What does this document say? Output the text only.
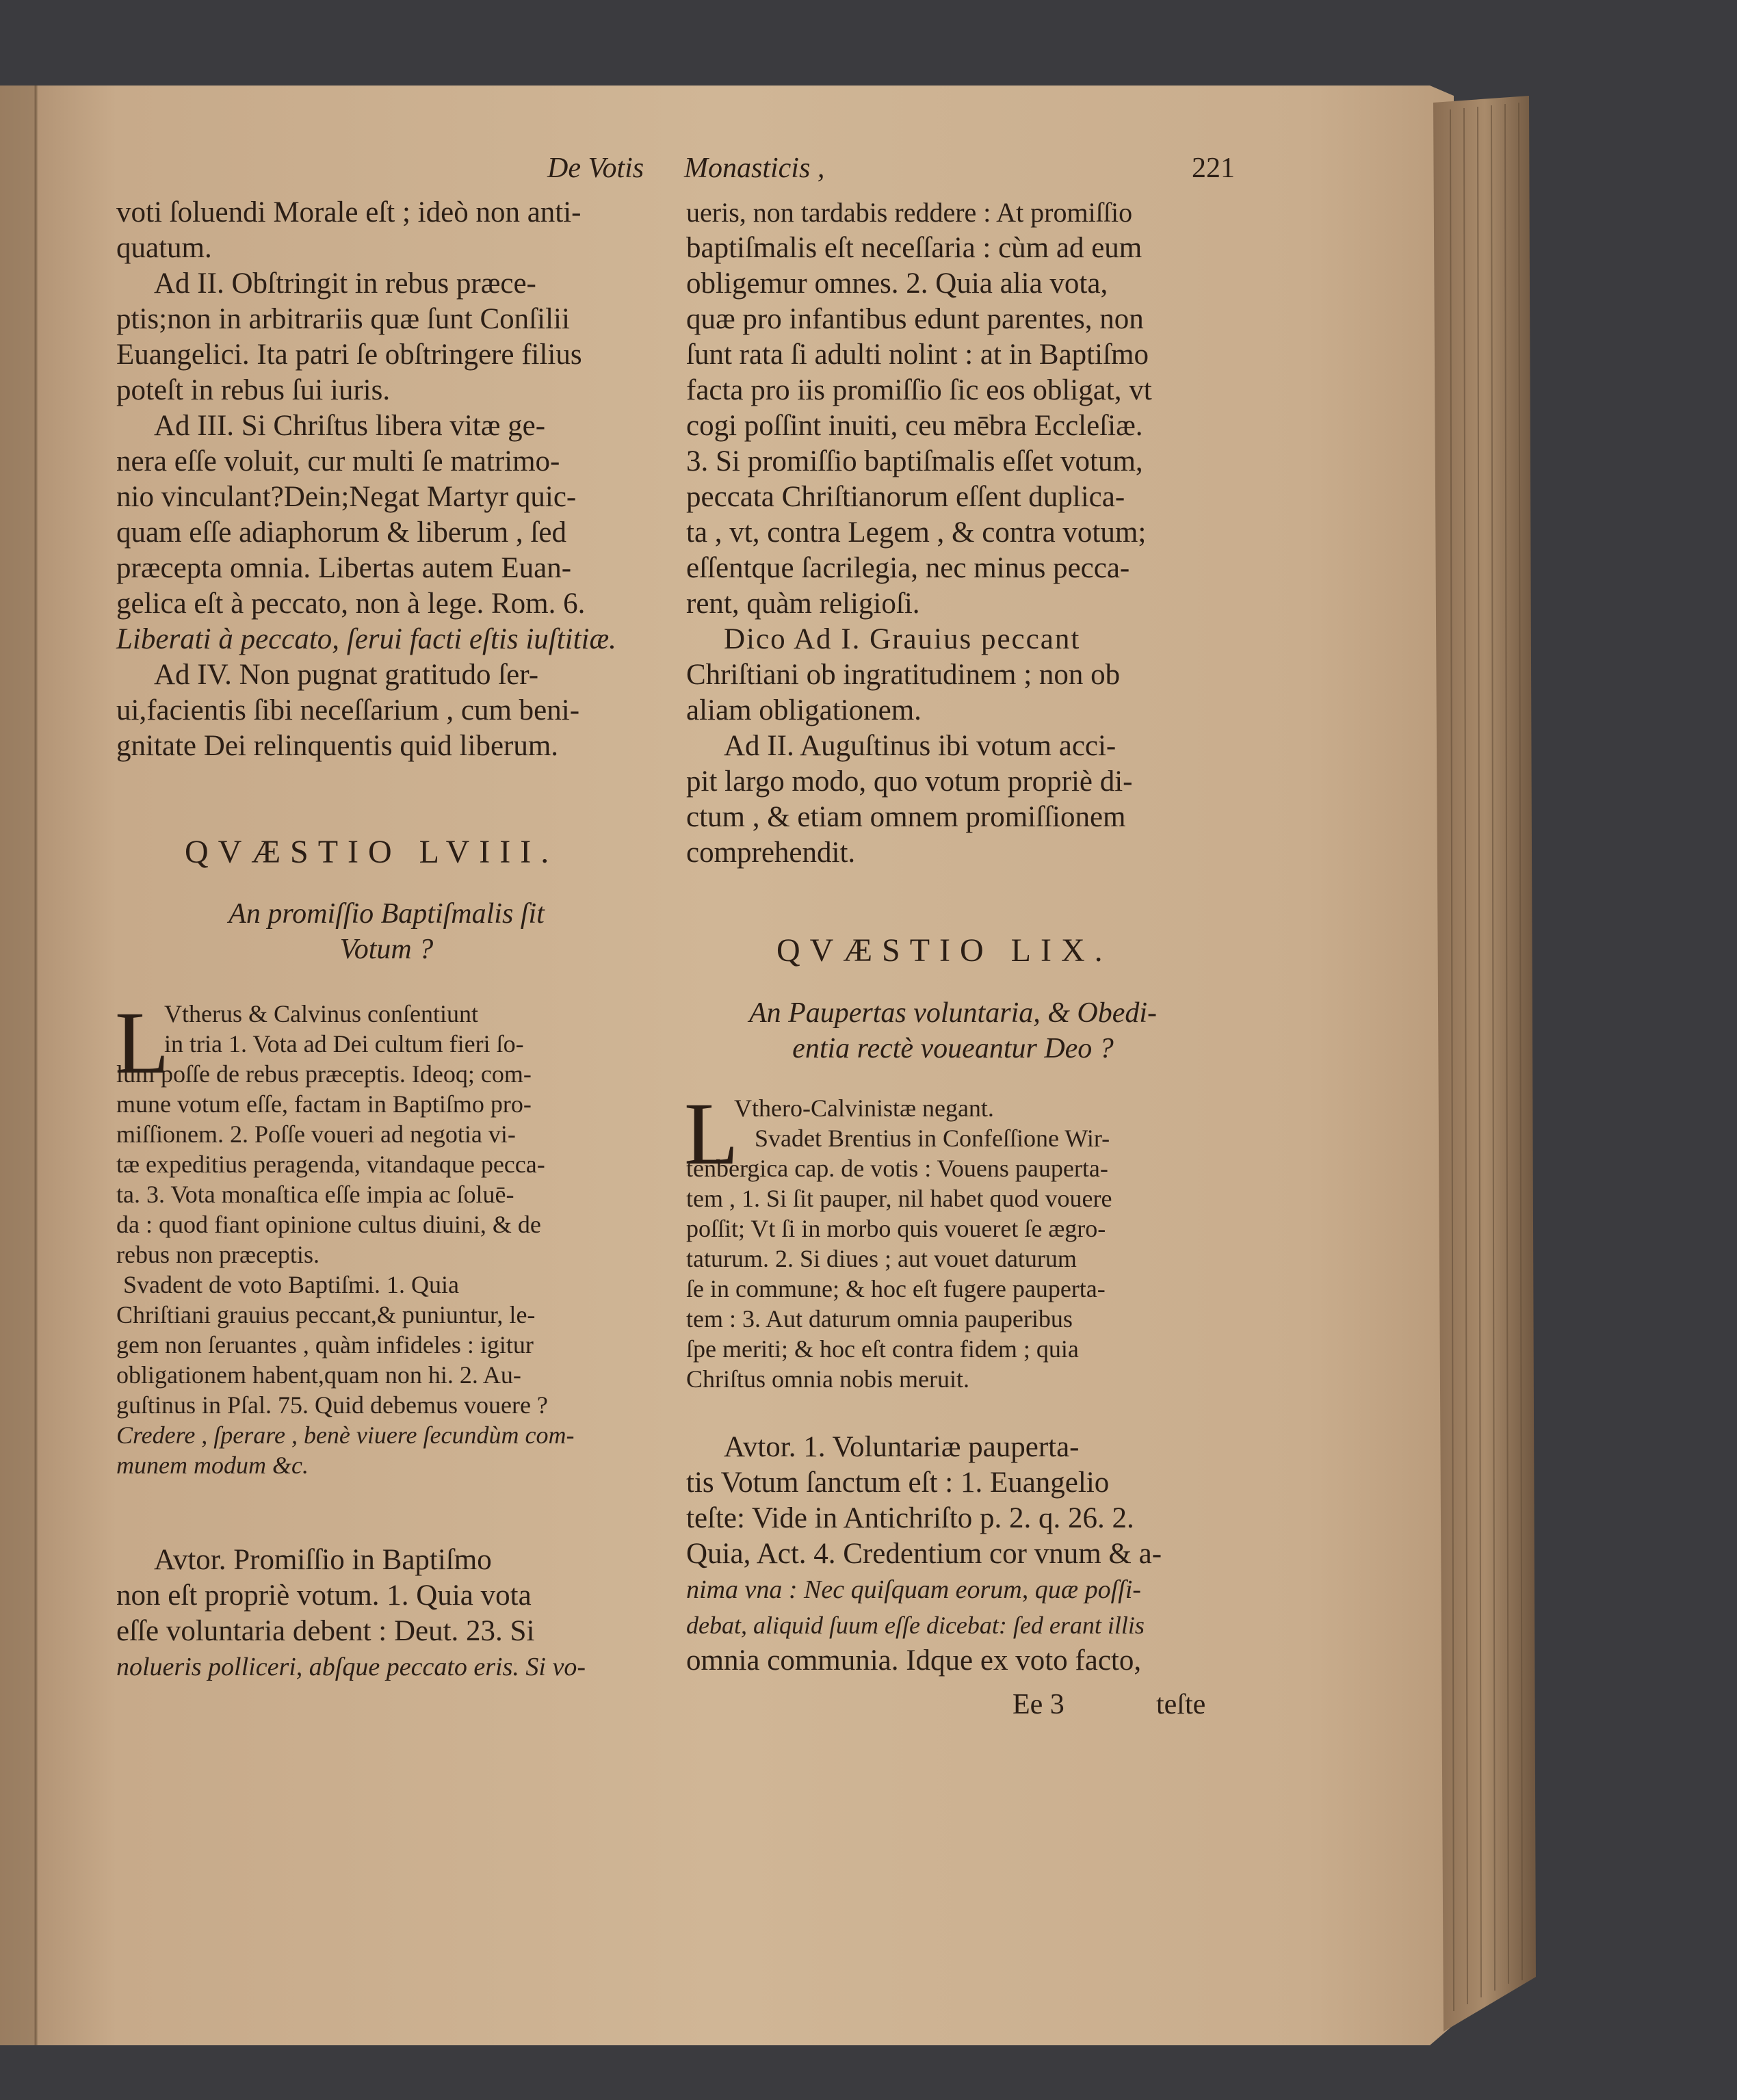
De Votis Monasticis ,	221

voti ſoluendi Morale eſt ; ideò non anti-

quatum.

Ad II. Obſtringit in rebus præce-

ptis;non in arbitrariis quæ ſunt Conſilii

Euangelici. Ita patri ſe obſtringere filius

poteſt in rebus ſui iuris.

Ad III. Si Chriſtus libera vitæ ge-

nera eſſe voluit, cur multi ſe matrimo-

nio vinculant?Dein;Negat Martyr quic-

quam eſſe adiaphorum & liberum , ſed

præcepta omnia. Libertas autem Euan-

gelica eſt à peccato, non à lege. Rom. 6.

Liberati à peccato, ſerui facti eſtis iuſtitiæ.

Ad IV. Non pugnat gratitudo ſer-

ui,facientis ſibi neceſſarium , cum beni-

gnitate Dei relinquentis quid liberum.

QVÆSTIO LVIII.

An promiſſio Baptiſmalis ſit

Votum ?

L

Vtherus & Calvinus conſentiunt

in tria 1. Vota ad Dei cultum fieri ſo-

lùm poſſe de rebus præceptis. Ideoq; com-

mune votum eſſe, factam in Baptiſmo pro-

miſſionem. 2. Poſſe voueri ad negotia vi-

tæ expeditius peragenda, vitandaque pecca-

ta. 3. Vota monaſtica eſſe impia ac ſoluē-

da : quod fiant opinione cultus diuini, & de

rebus non præceptis.

Svadent de voto Baptiſmi. 1. Quia

Chriſtiani grauius peccant,& puniuntur, le-

gem non ſeruantes , quàm infideles : igitur

obligationem habent,quam non hi. 2. Au-

guſtinus in Pſal. 75. Quid debemus vouere ?

Credere , ſperare , benè viuere ſecundùm com-

munem modum &c.

Avtor. Promiſſio in Baptiſmo

non eſt propriè votum. 1. Quia vota

eſſe voluntaria debent : Deut. 23. Si

nolueris polliceri, abſque peccato eris. Si vo-

ueris, non tardabis reddere : At promiſſio

baptiſmalis eſt neceſſaria : cùm ad eum

obligemur omnes. 2. Quia alia vota,

quæ pro infantibus edunt parentes, non

ſunt rata ſi adulti nolint : at in Baptiſmo

facta pro iis promiſſio ſic eos obligat, vt

cogi poſſint inuiti, ceu mēbra Eccleſiæ.

3. Si promiſſio baptiſmalis eſſet votum,

peccata Chriſtianorum eſſent duplica-

ta , vt, contra Legem , & contra votum;

eſſentque ſacrilegia, nec minus pecca-

rent, quàm religioſi.

Dico Ad I. Grauius peccant

Chriſtiani ob ingratitudinem ; non ob

aliam obligationem.

Ad II. Auguſtinus ibi votum acci-

pit largo modo, quo votum propriè di-

ctum , & etiam omnem promiſſionem

comprehendit.

QVÆSTIO LIX.

An Paupertas voluntaria, & Obedi-

entia rectè voueantur Deo ?

L

Vthero-Calvinistæ negant.

Svadet Brentius in Confeſſione Wir-

tenbergica cap. de votis : Vouens pauperta-

tem , 1. Si ſit pauper, nil habet quod vouere

poſſit; Vt ſi in morbo quis voueret ſe ægro-

taturum. 2. Si diues ; aut vouet daturum

ſe in commune; & hoc eſt fugere pauperta-

tem : 3. Aut daturum omnia pauperibus

ſpe meriti; & hoc eſt contra fidem ; quia

Chriſtus omnia nobis meruit.

Avtor. 1. Voluntariæ pauperta-

tis Votum ſanctum eſt : 1. Euangelio

teſte: Vide in Antichriſto p. 2. q. 26. 2.

Quia, Act. 4. Credentium cor vnum & a-

nima vna : Nec quiſquam eorum, quæ poſſi-

debat, aliquid ſuum eſſe dicebat: ſed erant illis

omnia communia. Idque ex voto facto,

Ee 3	teſte
